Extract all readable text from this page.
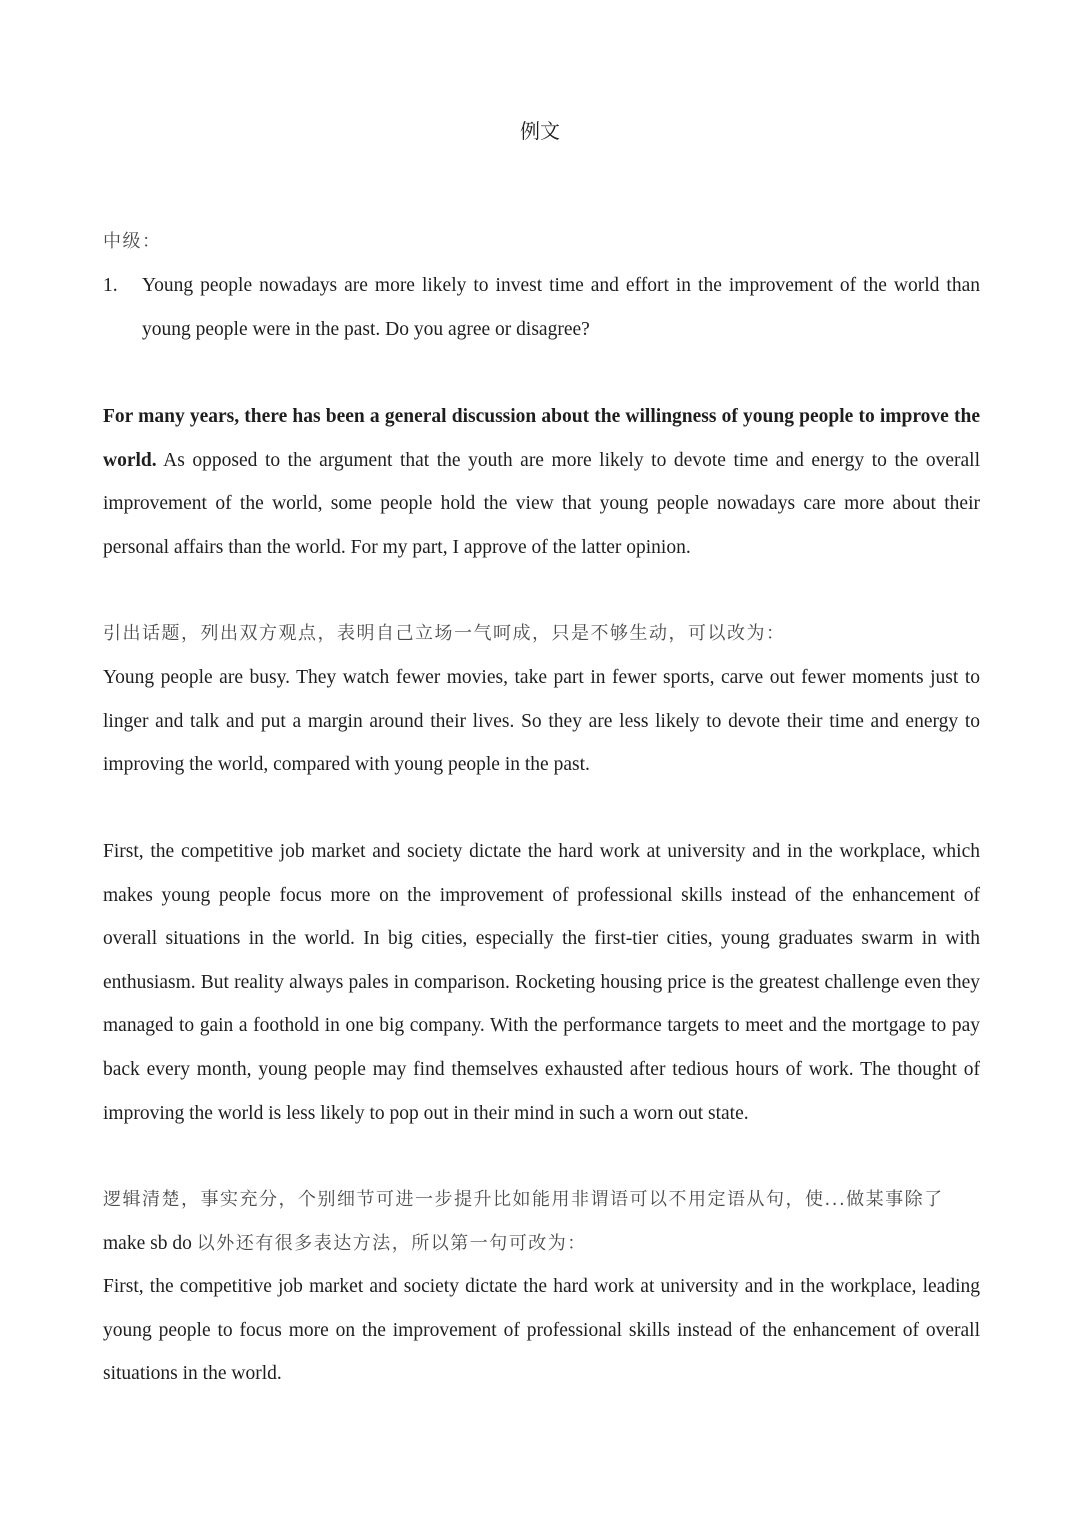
例文
中级：
1. Young people nowadays are more likely to invest time and effort in the improvement of the world than young people were in the past. Do you agree or disagree?
For many years, there has been a general discussion about the willingness of young people to improve the world. As opposed to the argument that the youth are more likely to devote time and energy to the overall improvement of the world, some people hold the view that young people nowadays care more about their personal affairs than the world. For my part, I approve of the latter opinion.
引出话题，列出双方观点，表明自己立场一气呵成，只是不够生动，可以改为：
Young people are busy. They watch fewer movies, take part in fewer sports, carve out fewer moments just to linger and talk and put a margin around their lives. So they are less likely to devote their time and energy to improving the world, compared with young people in the past.
First, the competitive job market and society dictate the hard work at university and in the workplace, which makes young people focus more on the improvement of professional skills instead of the enhancement of overall situations in the world. In big cities, especially the first-tier cities, young graduates swarm in with enthusiasm. But reality always pales in comparison. Rocketing housing price is the greatest challenge even they managed to gain a foothold in one big company. With the performance targets to meet and the mortgage to pay back every month, young people may find themselves exhausted after tedious hours of work. The thought of improving the world is less likely to pop out in their mind in such a worn out state.
逻辑清楚，事实充分，个别细节可进一步提升比如能用非谓语可以不用定语从句，使...做某事除了 make sb do 以外还有很多表达方法，所以第一句可改为：
First, the competitive job market and society dictate the hard work at university and in the workplace, leading young people to focus more on the improvement of professional skills instead of the enhancement of overall situations in the world.
